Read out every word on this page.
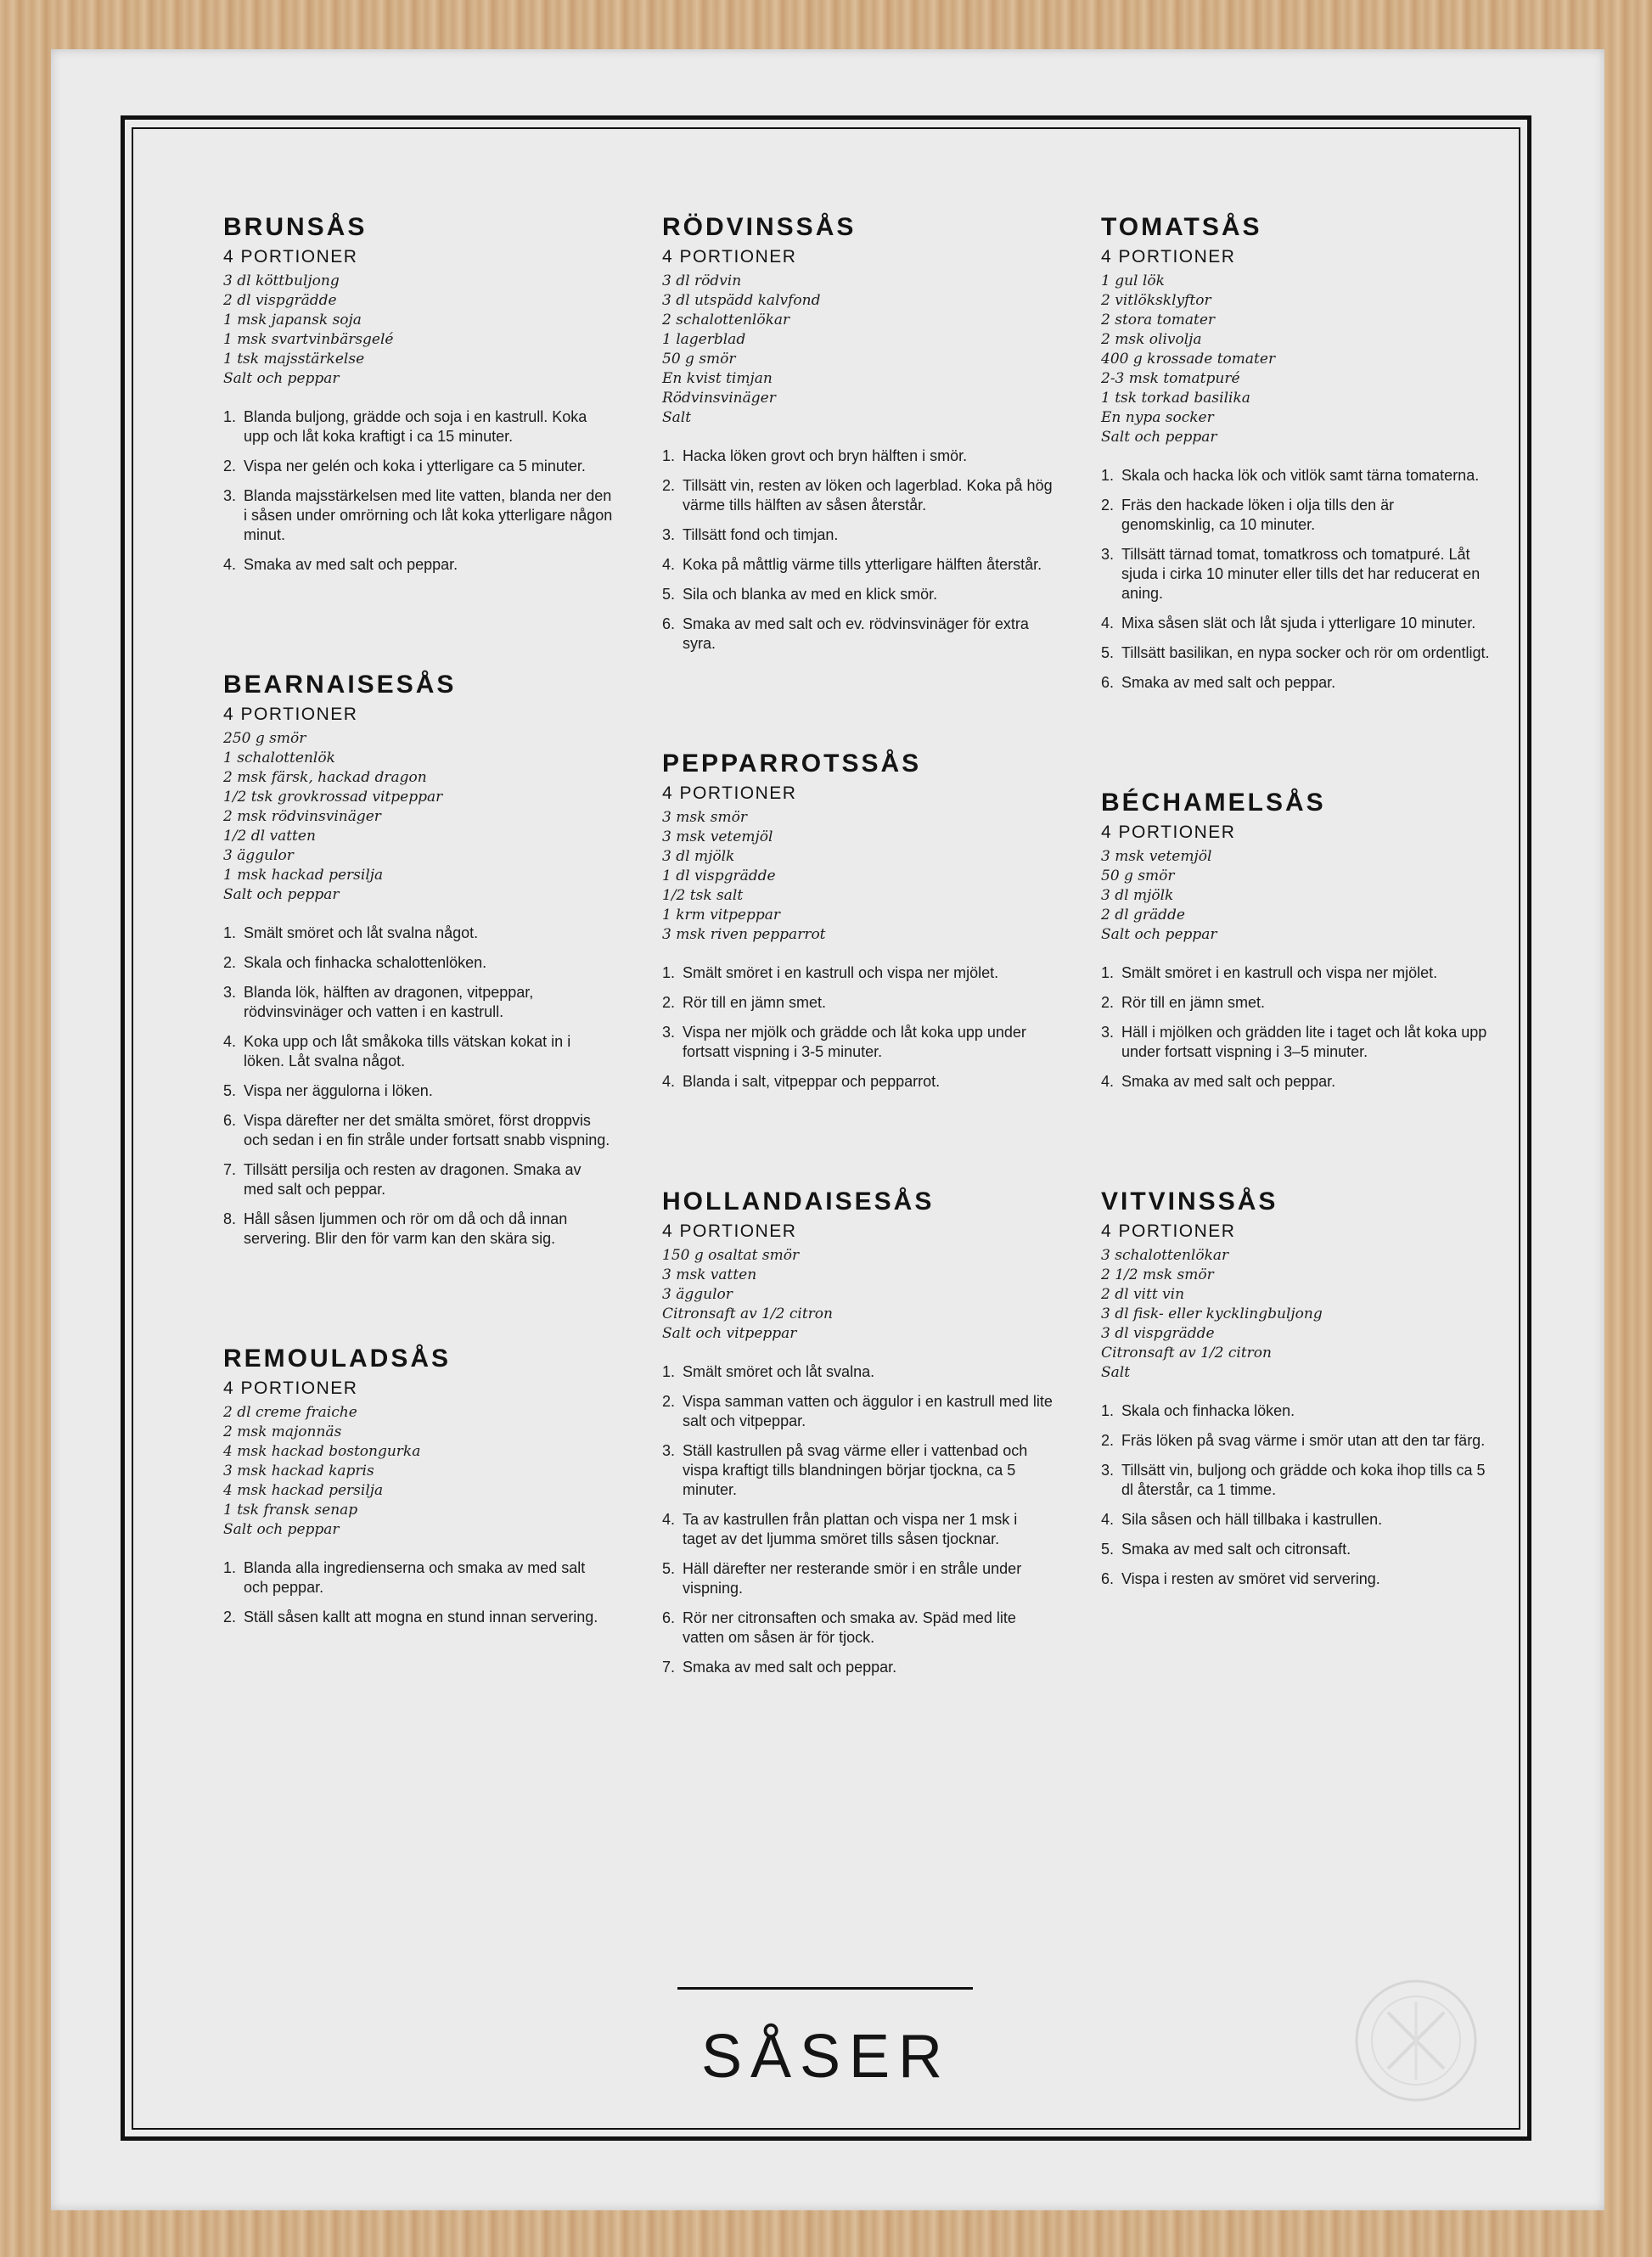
BRUNSÅS
4 PORTIONER
3 dl köttbuljong
2 dl vispgrädde
1 msk japansk soja
1 msk svartvinbärsgelé
1 tsk majsstärkelse
Salt och peppar
1. Blanda buljong, grädde och soja i en kastrull. Koka upp och låt koka kraftigt i ca 15 minuter.
2. Vispa ner gelén och koka i ytterligare ca 5 minuter.
3. Blanda majsstärkelsen med lite vatten, blanda ner den i såsen under omrörning och låt koka ytterligare någon minut.
4. Smaka av med salt och peppar.
BEARNAISESÅS
4 PORTIONER
250 g smör
1 schalottenlök
2 msk färsk, hackad dragon
1/2 tsk grovkrossad vitpeppar
2 msk rödvinsvinäger
1/2 dl vatten
3 äggulor
1 msk hackad persilja
Salt och peppar
1. Smält smöret och låt svalna något.
2. Skala och finhacka schalottenlöken.
3. Blanda lök, hälften av dragonen, vitpeppar, rödvinsvinäger och vatten i en kastrull.
4. Koka upp och låt småkoka tills vätskan kokat in i löken. Låt svalna något.
5. Vispa ner äggulorna i löken.
6. Vispa därefter ner det smälta smöret, först droppvis och sedan i en fin stråle under fortsatt snabb vispning.
7. Tillsätt persilja och resten av dragonen. Smaka av med salt och peppar.
8. Håll såsen ljummen och rör om då och då innan servering. Blir den för varm kan den skära sig.
REMOULADSÅS
4 PORTIONER
2 dl creme fraiche
2 msk majonnäs
4 msk hackad bostongurka
3 msk hackad kapris
4 msk hackad persilja
1 tsk fransk senap
Salt och peppar
1. Blanda alla ingredienserna och smaka av med salt och peppar.
2. Ställ såsen kallt att mogna en stund innan servering.
RÖDVINSSÅS
4 PORTIONER
3 dl rödvin
3 dl utspädd kalvfond
2 schalottenlökar
1 lagerblad
50 g smör
En kvist timjan
Rödvinsvinäger
Salt
1. Hacka löken grovt och bryn hälften i smör.
2. Tillsätt vin, resten av löken och lagerblad. Koka på hög värme tills hälften av såsen återstår.
3. Tillsätt fond och timjan.
4. Koka på måttlig värme tills ytterligare hälften återstår.
5. Sila och blanka av med en klick smör.
6. Smaka av med salt och ev. rödvinsvinäger för extra syra.
PEPPARROTSSÅS
4 PORTIONER
3 msk smör
3 msk vetemjöl
3 dl mjölk
1 dl vispgrädde
1/2 tsk salt
1 krm vitpeppar
3 msk riven pepparrot
1. Smält smöret i en kastrull och vispa ner mjölet.
2. Rör till en jämn smet.
3. Vispa ner mjölk och grädde och låt koka upp under fortsatt vispning i 3-5 minuter.
4. Blanda i salt, vitpeppar och pepparrot.
HOLLANDAISESÅS
4 PORTIONER
150 g osaltat smör
3 msk vatten
3 äggulor
Citronsaft av 1/2 citron
Salt och vitpeppar
1. Smält smöret och låt svalna.
2. Vispa samman vatten och äggulor i en kastrull med lite salt och vitpeppar.
3. Ställ kastrullen på svag värme eller i vattenbad och vispa kraftigt tills blandningen börjar tjockna, ca 5 minuter.
4. Ta av kastrullen från plattan och vispa ner 1 msk i taget av det ljumma smöret tills såsen tjocknar.
5. Häll därefter ner resterande smör i en stråle under vispning.
6. Rör ner citronsaften och smaka av. Späd med lite vatten om såsen är för tjock.
7. Smaka av med salt och peppar.
TOMATSÅS
4 PORTIONER
1 gul lök
2 vitlöksklyftor
2 stora tomater
2 msk olivolja
400 g krossade tomater
2-3 msk tomatpuré
1 tsk torkad basilika
En nypa socker
Salt och peppar
1. Skala och hacka lök och vitlök samt tärna tomaterna.
2. Fräs den hackade löken i olja tills den är genomskinlig, ca 10 minuter.
3. Tillsätt tärnad tomat, tomatkross och tomatpuré. Låt sjuda i cirka 10 minuter eller tills det har reducerat en aning.
4. Mixa såsen slät och låt sjuda i ytterligare 10 minuter.
5. Tillsätt basilikan, en nypa socker och rör om ordentligt.
6. Smaka av med salt och peppar.
BÉCHAMELSÅS
4 PORTIONER
3 msk vetemjöl
50 g smör
3 dl mjölk
2 dl grädde
Salt och peppar
1. Smält smöret i en kastrull och vispa ner mjölet.
2. Rör till en jämn smet.
3. Häll i mjölken och grädden lite i taget och låt koka upp under fortsatt vispning i 3–5 minuter.
4. Smaka av med salt och peppar.
VITVINSSÅS
4 PORTIONER
3 schalottenlökar
2 1/2 msk smör
2 dl vitt vin
3 dl fisk- eller kycklingbuljong
3 dl vispgrädde
Citronsaft av 1/2 citron
Salt
1. Skala och finhacka löken.
2. Fräs löken på svag värme i smör utan att den tar färg.
3. Tillsätt vin, buljong och grädde och koka ihop tills ca 5 dl återstår, ca 1 timme.
4. Sila såsen och häll tillbaka i kastrullen.
5. Smaka av med salt och citronsaft.
6. Vispa i resten av smöret vid servering.
SÅSER
